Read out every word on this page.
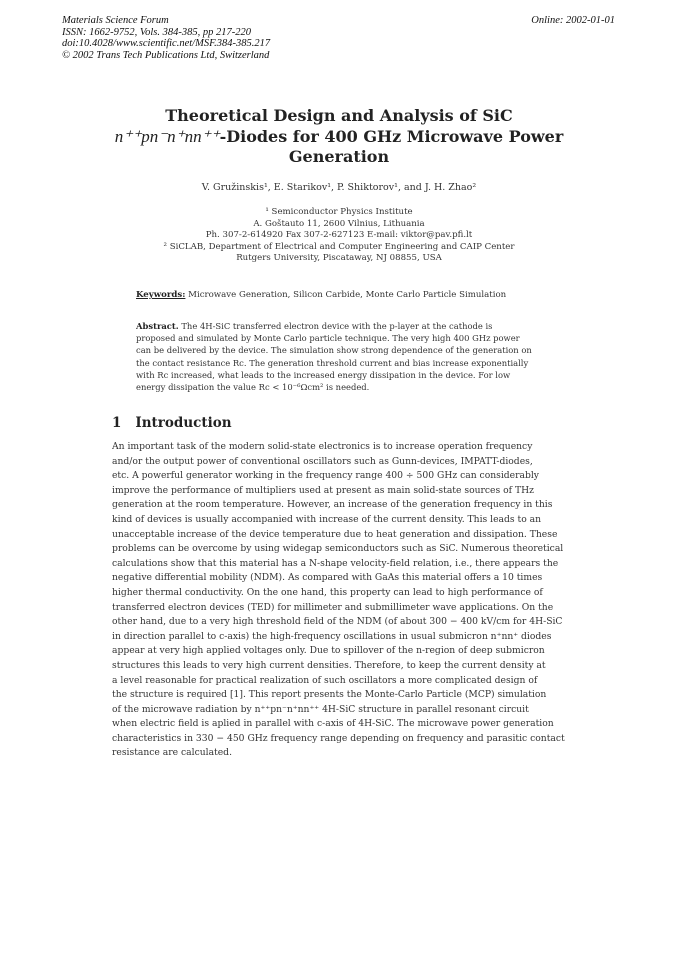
Materials Science Forum
ISSN: 1662-9752, Vols. 384-385, pp 217-220
doi:10.4028/www.scientific.net/MSF.384-385.217
© 2002 Trans Tech Publications Ltd, Switzerland
Online: 2002-01-01
Theoretical Design and Analysis of SiC
n⁺⁺pn⁻n⁺nn⁺⁺-Diodes for 400 GHz Microwave Power
Generation
V. Gružinskis¹, E. Starikov¹, P. Shiktorov¹, and J. H. Zhao²
¹ Semiconductor Physics Institute
A. Goštauto 11, 2600 Vilnius, Lithuania
Ph. 307-2-614920 Fax 307-2-627123 E-mail: viktor@pav.pfi.lt
² SiCLAB, Department of Electrical and Computer Engineering and CAIP Center
Rutgers University, Piscataway, NJ 08855, USA
Keywords: Microwave Generation, Silicon Carbide, Monte Carlo Particle Simulation
Abstract. The 4H-SiC transferred electron device with the p-layer at the cathode is
proposed and simulated by Monte Carlo particle technique. The very high 400 GHz power
can be delivered by the device. The simulation show strong dependence of the generation on
the contact resistance Rc. The generation threshold current and bias increase exponentially
with Rc increased, what leads to the increased energy dissipation in the device. For low
energy dissipation the value Rc < 10⁻⁶Ωcm² is needed.
1 Introduction
An important task of the modern solid-state electronics is to increase operation frequency
and/or the output power of conventional oscillators such as Gunn-devices, IMPATT-diodes,
etc. A powerful generator working in the frequency range 400 ÷ 500 GHz can considerably
improve the performance of multipliers used at present as main solid-state sources of THz
generation at the room temperature. However, an increase of the generation frequency in this
kind of devices is usually accompanied with increase of the current density. This leads to an
unacceptable increase of the device temperature due to heat generation and dissipation. These
problems can be overcome by using widegap semiconductors such as SiC. Numerous theoretical
calculations show that this material has a N-shape velocity-field relation, i.e., there appears the
negative differential mobility (NDM). As compared with GaAs this material offers a 10 times
higher thermal conductivity. On the one hand, this property can lead to high performance of
transferred electron devices (TED) for millimeter and submillimeter wave applications. On the
other hand, due to a very high threshold field of the NDM (of about 300 − 400 kV/cm for 4H-SiC
in direction parallel to c-axis) the high-frequency oscillations in usual submicron n⁺nn⁺ diodes
appear at very high applied voltages only. Due to spillover of the n-region of deep submicron
structures this leads to very high current densities. Therefore, to keep the current density at
a level reasonable for practical realization of such oscillators a more complicated design of
the structure is required [1]. This report presents the Monte-Carlo Particle (MCP) simulation
of the microwave radiation by n⁺⁺pn⁻n⁺nn⁺⁺ 4H-SiC structure in parallel resonant circuit
when electric field is aplied in parallel with c-axis of 4H-SiC. The microwave power generation
characteristics in 330 − 450 GHz frequency range depending on frequency and parasitic contact
resistance are calculated.
